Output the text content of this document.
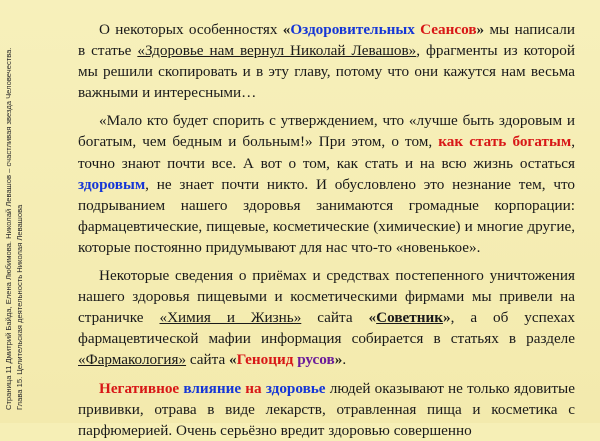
Страница 11 Дмитрий Байда, Елена Любимова. Николай Левашов – счастливая звезда Человечества. Глава 15. Целительская деятельность Николая Левашова

О некоторых особенностях «Оздоровительных Сеансов» мы написали в статье «Здоровье нам вернул Николай Левашов», фрагменты из которой мы решили скопировать и в эту главу, потому что они кажутся нам весьма важными и интересными…

«Мало кто будет спорить с утверждением, что «лучше быть здоровым и богатым, чем бедным и больным!» При этом, о том, как стать богатым, точно знают почти все. А вот о том, как стать и на всю жизнь остаться здоровым, не знает почти никто. И обусловлено это незнание тем, что подрыванием нашего здоровья занимаются громадные корпорации: фармацевтические, пищевые, косметические (химические) и многие другие, которые постоянно придумывают для нас что-то «новенькое».

Некоторые сведения о приёмах и средствах постепенного уничтожения нашего здоровья пищевыми и косметическими фирмами мы привели на страничке «Химия и Жизнь» сайта «Советник», а об успехах фармацевтической мафии информация собирается в статьях в разделе «Фармакология» сайта «Геноцид русов».

Негативное влияние на здоровье людей оказывают не только ядовитые прививки, отрава в виде лекарств, отравленная пища и косметика с парфюмерией. Очень серьёзно вредит здоровью совершенно
